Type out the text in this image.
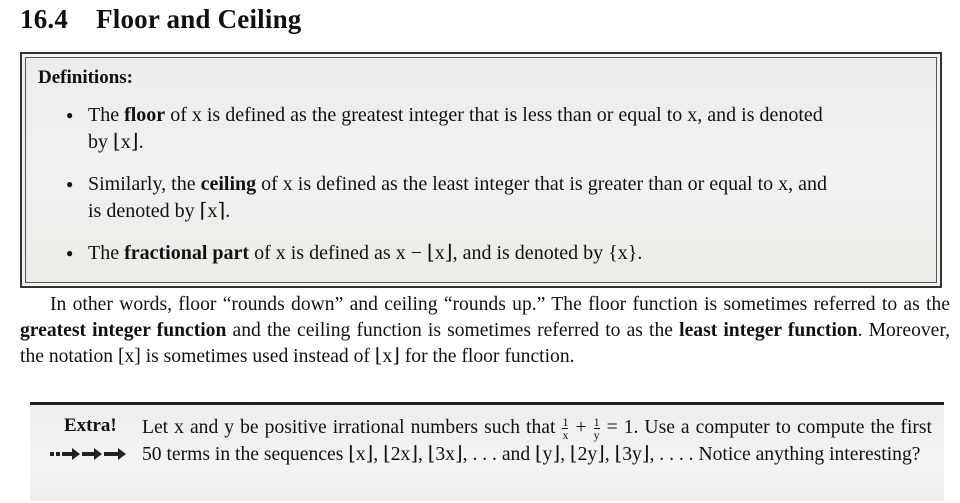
16.4 Floor and Ceiling
Definitions:
● The floor of x is defined as the greatest integer that is less than or equal to x, and is denoted
by ⌊x⌋.
● Similarly, the ceiling of x is defined as the least integer that is greater than or equal to x, and
is denoted by ⌈x⌉.
● The fractional part of x is defined as x − ⌊x⌋, and is denoted by {x}.
In other words, floor “rounds down” and ceiling “rounds up.” The floor function is sometimes referred to as the greatest integer function and the ceiling function is sometimes referred to as the least integer function. Moreover, the notation [x] is sometimes used instead of ⌊x⌋ for the floor function.
Extra! Let x and y be positive irrational numbers such that $\frac{1}{x} + \frac{1}{y} = 1$. Use a computer to compute the first 50 terms in the sequences ⌊x⌋, ⌊2x⌋, ⌊3x⌋, . . . and ⌊y⌋, ⌊2y⌋, ⌊3y⌋, . . . . Notice anything interesting?
